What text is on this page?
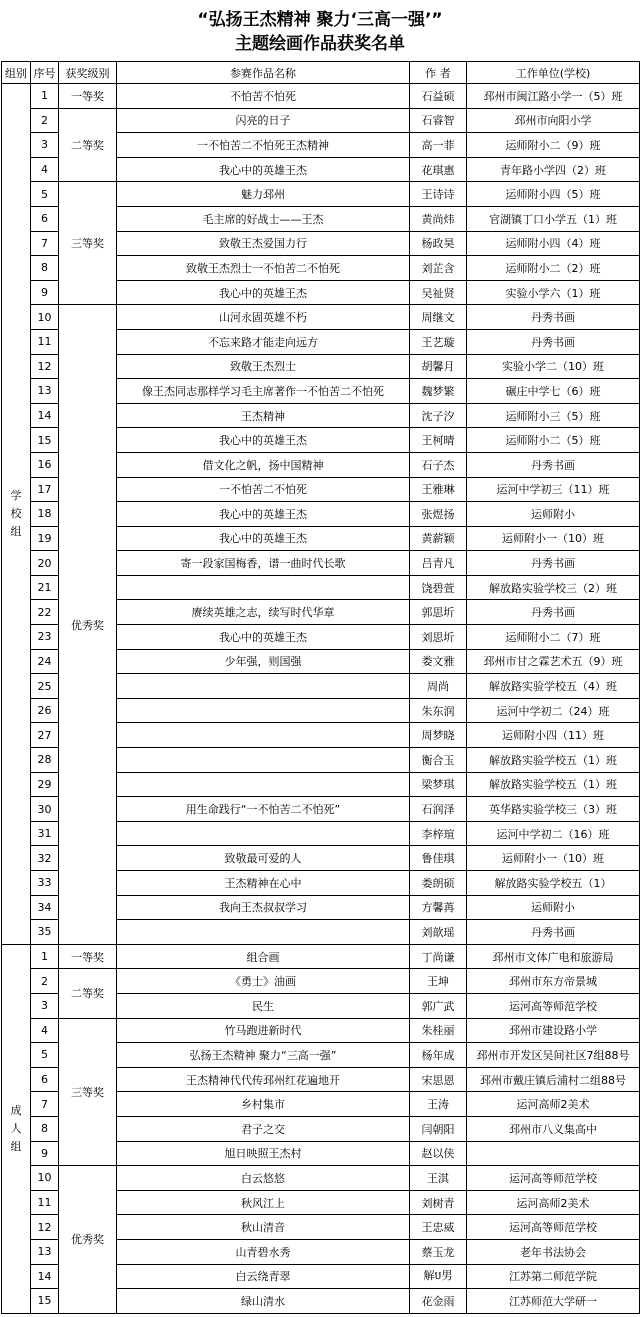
“弘扬王杰精神 聚力‘三高一强’”
主题绘画作品获奖名单
组别	序号	获奖级别	参赛作品名称	作 者	工作单位(学校)

学
校
组	1	一等奖	不怕苦不怕死	石益硕	邳州市闽江路小学一（5）班
	2	二等奖	闪亮的日子	石睿智	邳州市向阳小学
	3		一不怕苦二不怕死王杰精神	高一菲	运师附小二（9）班
	4		我心中的英雄王杰	花琪惠	青年路小学四（2）班
	5	三等奖	魅力邳州	王诗诗	运师附小四（5）班
	6		毛主席的好战士——王杰	黄尚炜	官湖镇丁口小学五（1）班
	7		致敬王杰爱国力行	杨政昊	运师附小四（4）班
	8		致敬王杰烈士一不怕苦二不怕死	刘芷含	运师附小二（2）班
	9		我心中的英雄王杰	吴祉贤	实验小学六（1）班
	10	优秀奖	山河永固英雄不朽	周继文	丹秀书画
	11		不忘来路才能走向远方	王艺璇	丹秀书画
	12		致敬王杰烈士	胡馨月	实验小学二（10）班
	13		像王杰同志那样学习毛主席著作一不怕苦二不怕死	魏梦繁	碾庄中学七（6）班
	14		王杰精神	沈子汐	运师附小三（5）班
	15		我心中的英雄王杰	王柯晴	运师附小二（5）班
	16		借文化之帆，扬中国精神	石子杰	丹秀书画
	17		一不怕苦二不怕死	王雅琳	运河中学初三（11）班
	18		我心中的英雄王杰	张煜扬	运师附小
	19		我心中的英雄王杰	黄薪颖	运师附小一（10）班
	20		寄一段家国梅香，谱一曲时代长歌	吕青凡	丹秀书画
	21			饶碧萱	解放路实验学校三（2）班
	22		赓续英雄之志，续写时代华章	郭思圻	丹秀书画
	23		我心中的英雄王杰	刘思圻	运师附小二（7）班
	24		少年强，则国强	娄文雅	邳州市甘之霖艺术五（9）班
	25			周尚	解放路实验学校五（4）班
	26			朱东润	运河中学初二（24）班
	27			周梦晓	运师附小四（11）班
	28			衡合玉	解放路实验学校五（1）班
	29			梁梦琪	解放路实验学校五（1）班
	30		用生命践行“一不怕苦二不怕死”	石润泽	英华路实验学校三（3）班
	31			李梓瑄	运河中学初二（16）班
	32		致敬最可爱的人	鲁佳琪	运师附小一（10）班
	33		王杰精神在心中	娄朗硕	解放路实验学校五（1）
	34		我向王杰叔叔学习	方馨苒	运师附小
	35			刘歆瑶	丹秀书画

成
人
组	1	一等奖	组合画	丁尚谦	邳州市文体广电和旅游局
	2	二等奖	《勇士》油画	王坤	邳州市东方帝景城
	3		民生	郭广武	运河高等师范学校
	4	三等奖	竹马跑进新时代	朱桂丽	邳州市建设路小学
	5		弘扬王杰精神 聚力“三高一强”	杨年成	邳州市开发区吴间社区7组88号
	6		王杰精神代代传邳州红花遍地开	宋思恩	邳州市戴庄镇后浦村二组88号
	7		乡村集市	王涛	运河高师2美术
	8		君子之交	闫朝阳	邳州市八义集高中
	9		旭日映照王杰村	赵以侠	
	10	优秀奖	白云悠悠	王淇	运河高等师范学校
	11		秋风江上	刘树青	运河高师2美术
	12		秋山清音	王忠威	运河高等师范学校
	13		山青碧水秀	蔡玉龙	老年书法协会
	14		白云绕青翠	解ប男	江苏第二师范学院
	15		绿山清水	花金雨	江苏师范大学研一
